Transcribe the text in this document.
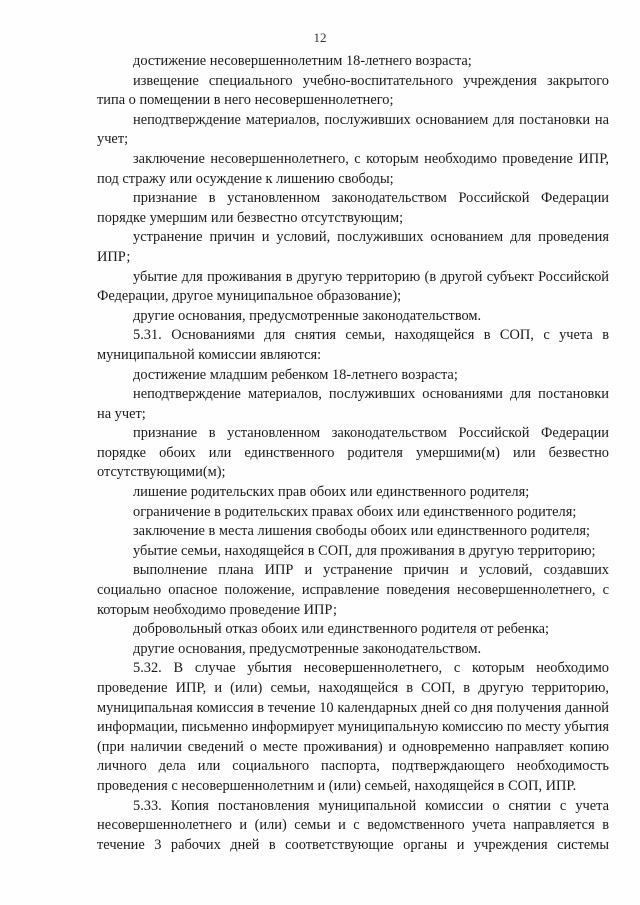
12

достижение несовершеннолетним 18-летнего возраста;

извещение специального учебно-воспитательного учреждения закрытого типа о помещении в него несовершеннолетнего;

неподтверждение материалов, послуживших основанием для постановки на учет;

заключение несовершеннолетнего, с которым необходимо проведение ИПР, под стражу или осуждение к лишению свободы;

признание в установленном законодательством Российской Федерации порядке умершим или безвестно отсутствующим;

устранение причин и условий, послуживших основанием для проведения ИПР;

убытие для проживания в другую территорию (в другой субъект Российской Федерации, другое муниципальное образование);

другие основания, предусмотренные законодательством.

5.31. Основаниями для снятия семьи, находящейся в СОП, с учета в муниципальной комиссии являются:

достижение младшим ребенком 18-летнего возраста;

неподтверждение материалов, послуживших основаниями для постановки на учет;

признание в установленном законодательством Российской Федерации порядке обоих или единственного родителя умершими(м) или безвестно отсутствующими(м);

лишение родительских прав обоих или единственного родителя;

ограничение в родительских правах обоих или единственного родителя;

заключение в места лишения свободы обоих или единственного родителя;

убытие семьи, находящейся в СОП, для проживания в другую территорию;

выполнение плана ИПР и устранение причин и условий, создавших социально опасное положение, исправление поведения несовершеннолетнего, с которым необходимо проведение ИПР;

добровольный отказ обоих или единственного родителя от ребенка;

другие основания, предусмотренные законодательством.

5.32. В случае убытия несовершеннолетнего, с которым необходимо проведение ИПР, и (или) семьи, находящейся в СОП, в другую территорию, муниципальная комиссия в течение 10 календарных дней со дня получения данной информации, письменно информирует муниципальную комиссию по месту убытия (при наличии сведений о месте проживания) и одновременно направляет копию личного дела или социального паспорта, подтверждающего необходимость проведения с несовершеннолетним и (или) семьей, находящейся в СОП, ИПР.

5.33. Копия постановления муниципальной комиссии о снятии с учета несовершеннолетнего и (или) семьи и с ведомственного учета направляется в течение 3 рабочих дней в соответствующие органы и учреждения системы
